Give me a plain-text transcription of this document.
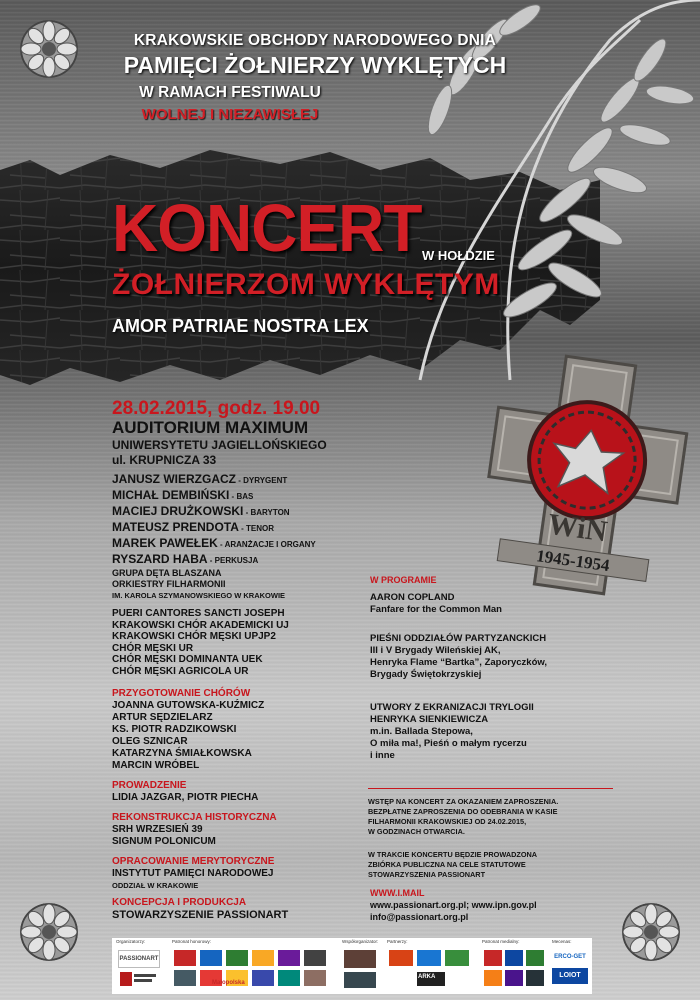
WiN
1945-1954
KRAKOWSKIE OBCHODY NARODOWEGO DNIA
PAMIĘCI ŻOŁNIERZY WYKLĘTYCH
W RAMACH FESTIWALU
WOLNEJ I NIEZAWISŁEJ
KONCERT W HOŁDZIE
ŻOŁNIERZOM WYKLĘTYM
AMOR PATRIAE NOSTRA LEX
28.02.2015, godz. 19.00
AUDITORIUM MAXIMUM
UNIWERSYTETU JAGIELLOŃSKIEGO
ul. KRUPNICZA 33
JANUSZ WIERZGACZ - DYRYGENT
MICHAŁ DEMBIŃSKI - BAS
MACIEJ DRUŻKOWSKI - BARYTON
MATEUSZ PRENDOTA - TENOR
MAREK PAWEŁEK - ARANŻACJE I ORGANY
RYSZARD HABA - PERKUSJA
GRUPA DĘTA BLASZANA
ORKIESTRY FILHARMONII
IM. KAROLA SZYMANOWSKIEGO W KRAKOWIE
PUERI CANTORES SANCTI JOSEPH
KRAKOWSKI CHÓR AKADEMICKI UJ
KRAKOWSKI CHÓR MĘSKI UPJP2
CHÓR MĘSKI UR
CHÓR MĘSKI DOMINANTA UEK
CHÓR MĘSKI AGRICOLA UR
PRZYGOTOWANIE CHÓRÓW
JOANNA GUTOWSKA-KUŹMICZ
ARTUR SĘDZIELARZ
KS. PIOTR RADZIKOWSKI
OLEG SZNICAR
KATARZYNA ŚMIAŁKOWSKA
MARCIN WRÓBEL
PROWADZENIE
LIDIA JAZGAR, PIOTR PIECHA
REKONSTRUKCJA HISTORYCZNA
SRH WRZESIEŃ 39
SIGNUM POLONICUM
OPRACOWANIE MERYTORYCZNE
INSTYTUT PAMIĘCI NARODOWEJ
ODDZIAŁ W KRAKOWIE
KONCEPCJA I PRODUKCJA
STOWARZYSZENIE PASSIONART
W PROGRAMIE
AARON COPLAND
Fanfare for the Common Man
PIEŚNI ODDZIAŁÓW PARTYZANCKICH
III i V Brygady Wileńskiej AK,
Henryka Flame “Bartka”, Zaporyczków,
Brygady Świętokrzyskiej
UTWORY Z EKRANIZACJI TRYLOGII
HENRYKA SIENKIEWICZA
m.in. Ballada Stepowa,
O miła ma!, Pieśń o małym rycerzu
i inne
WSTĘP NA KONCERT ZA OKAZANIEM ZAPROSZENIA.
BEZPŁATNE ZAPROSZENIA DO ODEBRANIA W KASIE
FILHARMONII KRAKOWSKIEJ OD 24.02.2015,
W GODZINACH OTWARCIA.
W TRAKCIE KONCERTU BĘDZIE PROWADZONA
ZBIÓRKA PUBLICZNA NA CELE STATUTOWE
STOWARZYSZENIA PASSIONART
WWW.I.MAIL
www.passionart.org.pl; www.ipn.gov.pl
info@passionart.org.pl
Organizatorzy:	Patronat honorowy:	Współorganizator: Partnerzy:	Patronat medialny:	Mecenas:
PASSIONART
Małopolska
ARKA
ERCO-GET
LOIOT
